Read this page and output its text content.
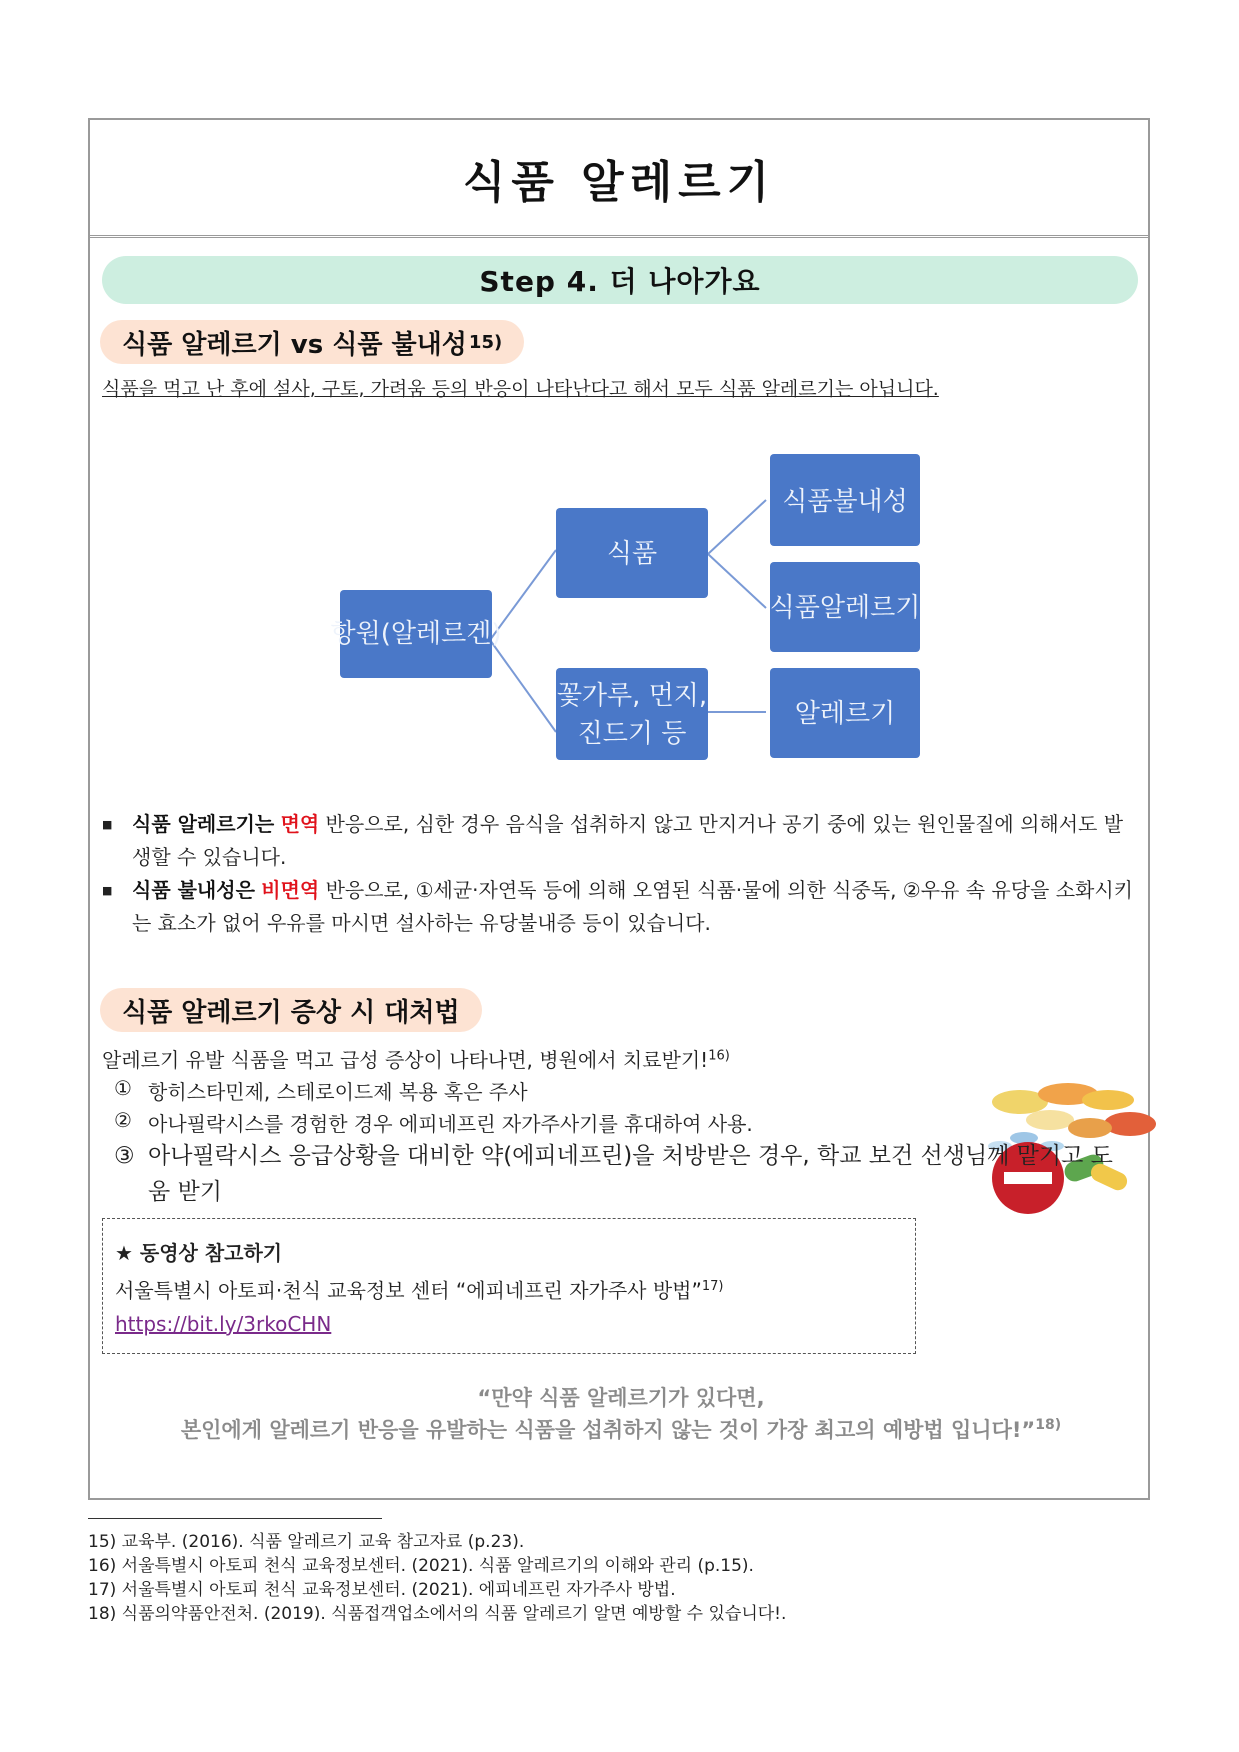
식품 알레르기
Step 4. 더 나아가요
식품 알레르기 vs 식품 불내성 15)
식품을 먹고 난 후에 설사, 구토, 가려움 등의 반응이 나타난다고 해서 모두 식품 알레르기는 아닙니다.
항원(알레르겐)
식품
꽃가루, 먼지,
진드기 등
식품불내성
식품알레르기
알레르기
■ 식품 알레르기는 면역 반응으로, 심한 경우 음식을 섭취하지 않고 만지거나 공기 중에 있는 원인물질에 의해서도 발생할 수 있습니다.
■ 식품 불내성은 비면역 반응으로, ①세균·자연독 등에 의해 오염된 식품·물에 의한 식중독, ②우유 속 유당을 소화시키는 효소가 없어 우유를 마시면 설사하는 유당불내증 등이 있습니다.
식품 알레르기 증상 시 대처법
알레르기 유발 식품을 먹고 급성 증상이 나타나면, 병원에서 치료받기!$^{16)}$
① 항히스타민제, 스테로이드제 복용 혹은 주사
② 아나필락시스를 경험한 경우 에피네프린 자가주사기를 휴대하여 사용.
③ 아나필락시스 응급상황을 대비한 약(에피네프린)을 처방받은 경우, 학교 보건 선생님께 맡기고 도움 받기
★ 동영상 참고하기
서울특별시 아토피·천식 교육정보 센터 “에피네프린 자가주사 방법”$^{17)}$
https://bit.ly/3rkoCHN
“만약 식품 알레르기가 있다면,
본인에게 알레르기 반응을 유발하는 식품을 섭취하지 않는 것이 가장 최고의 예방법 입니다!”$^{18)}$
15) 교육부. (2016). 식품 알레르기 교육 참고자료 (p.23).
16) 서울특별시 아토피 천식 교육정보센터. (2021). 식품 알레르기의 이해와 관리 (p.15).
17) 서울특별시 아토피 천식 교육정보센터. (2021). 에피네프린 자가주사 방법.
18) 식품의약품안전처. (2019). 식품접객업소에서의 식품 알레르기 알면 예방할 수 있습니다!.
